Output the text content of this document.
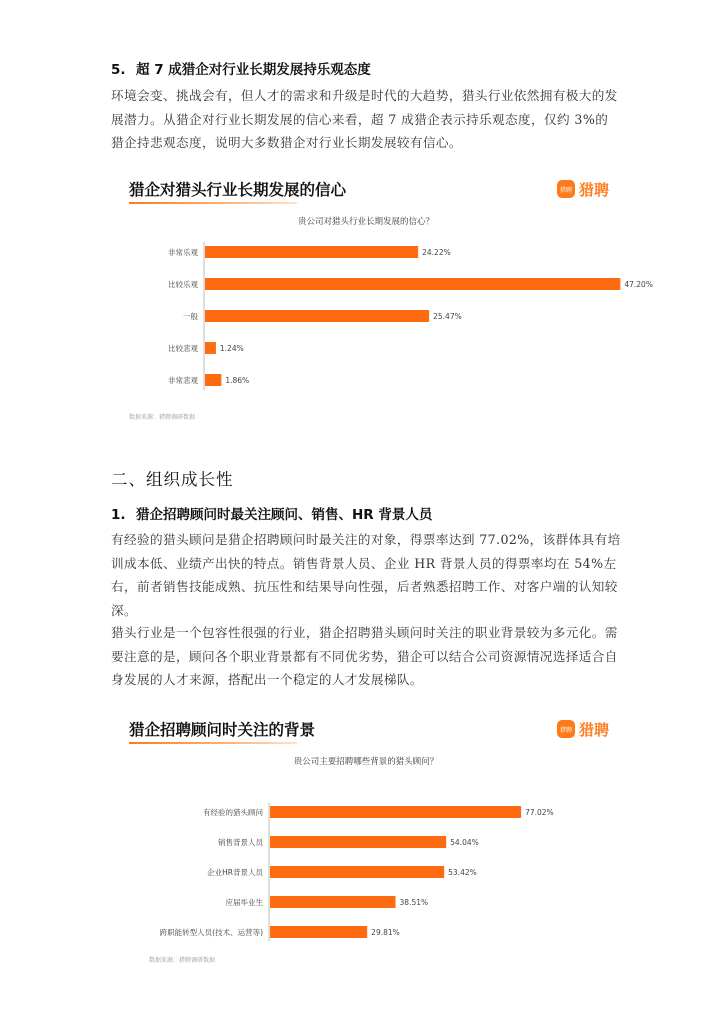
5. 超 7 成猎企对行业长期发展持乐观态度
环境会变、挑战会有，但人才的需求和升级是时代的大趋势，猎头行业依然拥有极大的发展潜力。从猎企对行业长期发展的信心来看，超 7 成猎企表示持乐观态度，仅约 3%的猎企持悲观态度，说明大多数猎企对行业长期发展较有信心。
猎企对猎头行业长期发展的信心	猎聘 猎聘
贵公司对猎头行业长期发展的信心？
非常乐观	24.22%
比较乐观	47.20%
一般	25.47%
比较悲观	1.24%
非常悲观	1.86%
数据来源：猎聘调研数据
二、组织成长性
1. 猎企招聘顾问时最关注顾问、销售、HR 背景人员
有经验的猎头顾问是猎企招聘顾问时最关注的对象，得票率达到 77.02%，该群体具有培训成本低、业绩产出快的特点。销售背景人员、企业 HR 背景人员的得票率均在 54%左右，前者销售技能成熟、抗压性和结果导向性强，后者熟悉招聘工作、对客户端的认知较深。
猎头行业是一个包容性很强的行业，猎企招聘猎头顾问时关注的职业背景较为多元化。需要注意的是，顾问各个职业背景都有不同优劣势，猎企可以结合公司资源情况选择适合自身发展的人才来源，搭配出一个稳定的人才发展梯队。
猎企招聘顾问时关注的背景	猎聘 猎聘
贵公司主要招聘哪些背景的猎头顾问？
有经验的猎头顾问	77.02%
销售背景人员	54.04%
企业HR背景人员	53.42%
应届毕业生	38.51%
跨职能转型人员(技术、运营等)	29.81%
数据来源：猎聘调研数据
